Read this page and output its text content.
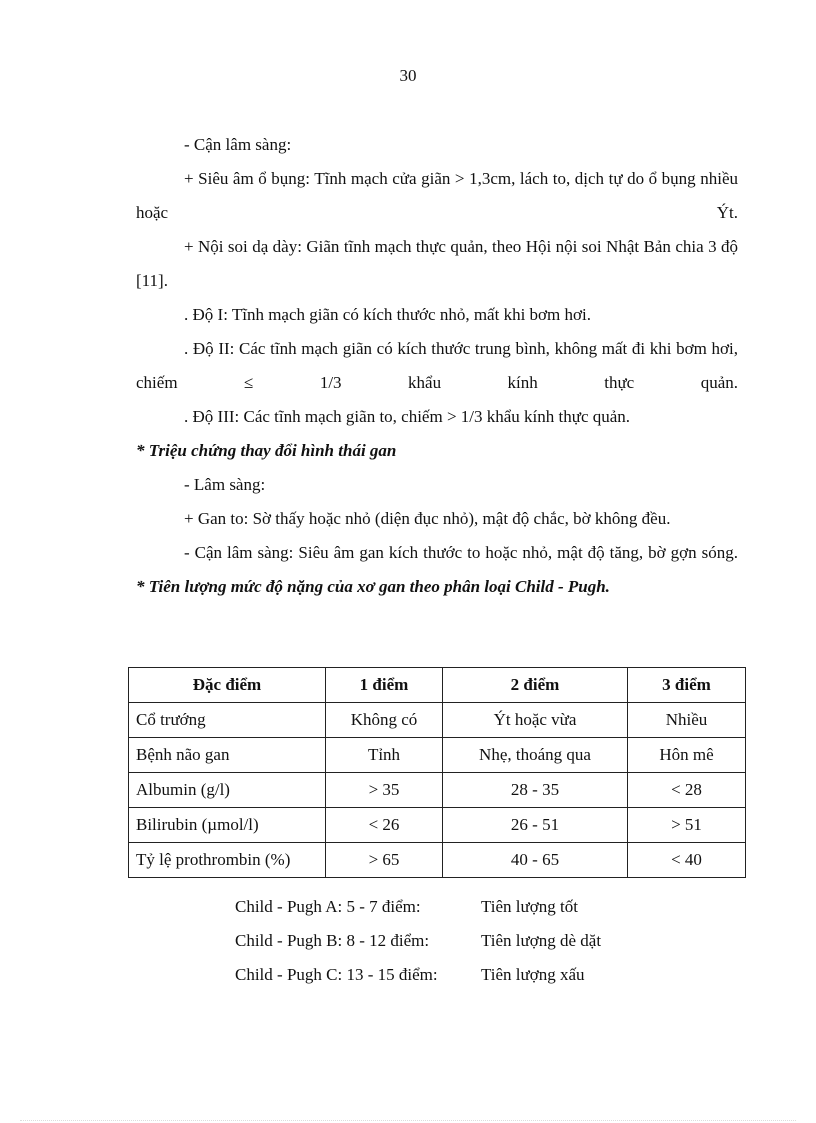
30
- Cận lâm sàng:
+ Siêu âm ổ bụng: Tĩnh mạch cửa giãn > 1,3cm, lách to, dịch tự do ổ bụng nhiều hoặc Ýt.
+ Nội soi dạ dày: Giãn tĩnh mạch thực quản, theo Hội nội soi Nhật Bản chia 3 độ [11].
. Độ I: Tĩnh mạch giãn có kích thước nhỏ, mất khi bơm hơi.
. Độ II: Các tĩnh mạch giãn có kích thước trung bình, không mất đi khi bơm hơi, chiếm ≤ 1/3 khẩu kính thực quản.
. Độ III: Các tĩnh mạch giãn to, chiếm > 1/3 khẩu kính thực quản.
* Triệu chứng thay đổi hình thái gan
- Lâm sàng:
+ Gan to: Sờ thấy hoặc nhỏ (diện đục nhỏ), mật độ chắc, bờ không đều.
- Cận lâm sàng: Siêu âm gan kích thước to hoặc nhỏ, mật độ tăng, bờ gợn sóng.
* Tiên lượng mức độ nặng của xơ gan theo phân loại Child - Pugh.
Đặc điểm	1 điểm	2 điểm	3 điểm
Cổ trướng	Không có	Ýt hoặc vừa	Nhiều
Bệnh não gan	Tỉnh	Nhẹ, thoáng qua	Hôn mê
Albumin (g/l)	> 35	28 - 35	< 28
Bilirubin (µmol/l)	< 26	26 - 51	> 51
Tỷ lệ prothrombin (%)	> 65	40 - 65	< 40
Child - Pugh A: 5 - 7 điểm:	Tiên lượng tốt
Child - Pugh B: 8 - 12 điểm:	Tiên lượng dè dặt
Child - Pugh C: 13 - 15 điểm:	Tiên lượng xấu
